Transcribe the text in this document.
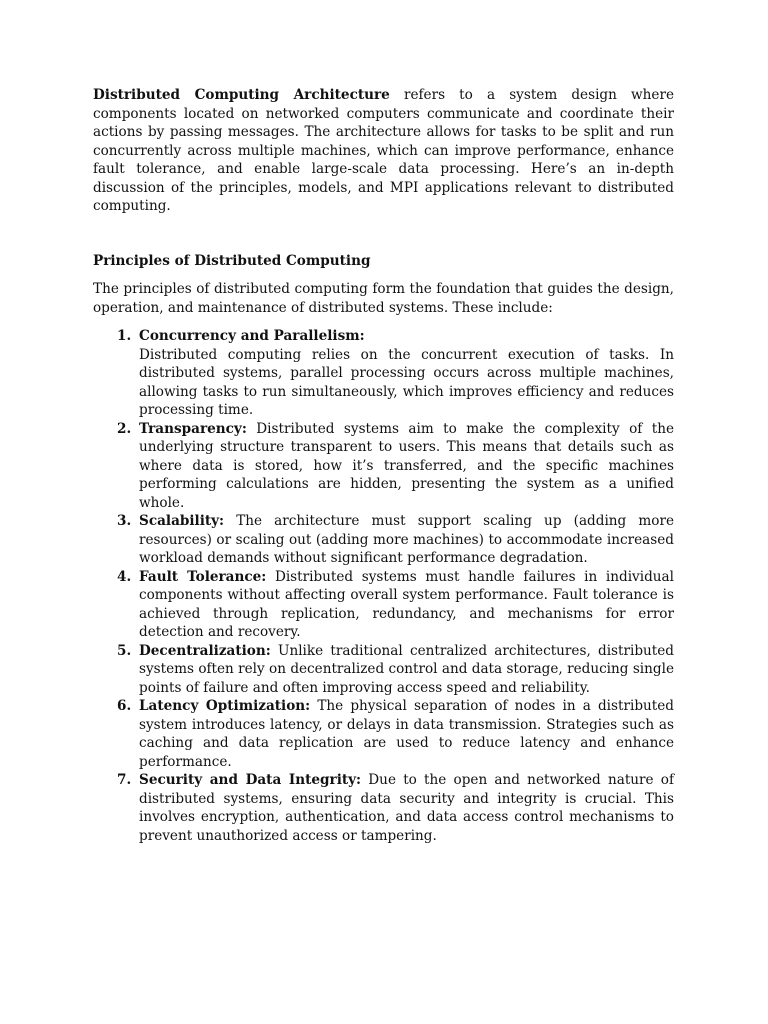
Distributed Computing Architecture refers to a system design where components located on networked computers communicate and coordinate their actions by passing messages. The architecture allows for tasks to be split and run concurrently across multiple machines, which can improve performance, enhance fault tolerance, and enable large-scale data processing. Here’s an in-depth discussion of the principles, models, and MPI applications relevant to distributed computing.

Principles of Distributed Computing

The principles of distributed computing form the foundation that guides the design, operation, and maintenance of distributed systems. These include:

1. Concurrency and Parallelism:
Distributed computing relies on the concurrent execution of tasks. In distributed systems, parallel processing occurs across multiple machines, allowing tasks to run simultaneously, which improves efficiency and reduces processing time.
2. Transparency: Distributed systems aim to make the complexity of the underlying structure transparent to users. This means that details such as where data is stored, how it’s transferred, and the specific machines performing calculations are hidden, presenting the system as a unified whole.
3. Scalability: The architecture must support scaling up (adding more resources) or scaling out (adding more machines) to accommodate increased workload demands without significant performance degradation.
4. Fault Tolerance: Distributed systems must handle failures in individual components without affecting overall system performance. Fault tolerance is achieved through replication, redundancy, and mechanisms for error detection and recovery.
5. Decentralization: Unlike traditional centralized architectures, distributed systems often rely on decentralized control and data storage, reducing single points of failure and often improving access speed and reliability.
6. Latency Optimization: The physical separation of nodes in a distributed system introduces latency, or delays in data transmission. Strategies such as caching and data replication are used to reduce latency and enhance performance.
7. Security and Data Integrity: Due to the open and networked nature of distributed systems, ensuring data security and integrity is crucial. This involves encryption, authentication, and data access control mechanisms to prevent unauthorized access or tampering.
